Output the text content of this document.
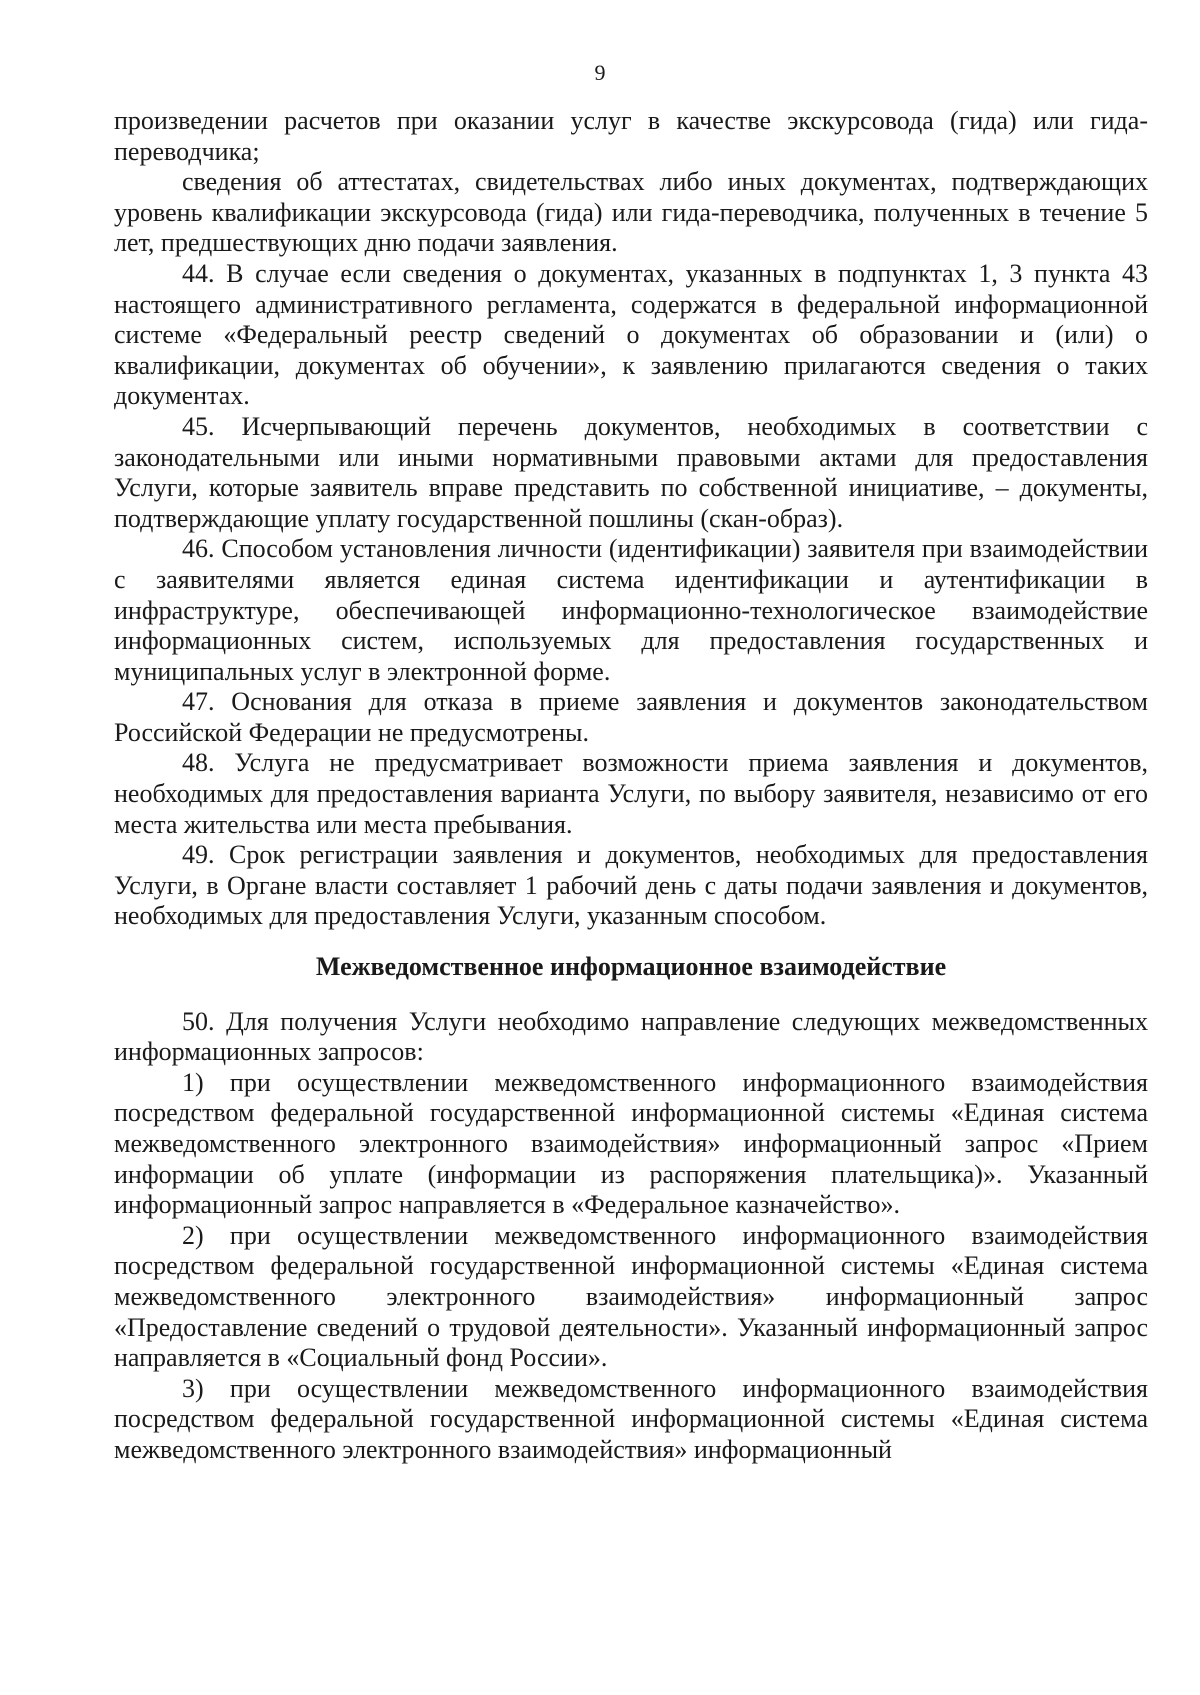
9

произведении расчетов при оказании услуг в качестве экскурсовода (гида) или гида-переводчика;

сведения об аттестатах, свидетельствах либо иных документах, подтверждающих уровень квалификации экскурсовода (гида) или гида-переводчика, полученных в течение 5 лет, предшествующих дню подачи заявления.

44. В случае если сведения о документах, указанных в подпунктах 1, 3 пункта 43 настоящего административного регламента, содержатся в федеральной информационной системе «Федеральный реестр сведений о документах об образовании и (или) о квалификации, документах об обучении», к заявлению прилагаются сведения о таких документах.

45. Исчерпывающий перечень документов, необходимых в соответствии с законодательными или иными нормативными правовыми актами для предоставления Услуги, которые заявитель вправе представить по собственной инициативе, – документы, подтверждающие уплату государственной пошлины (скан-образ).

46. Способом установления личности (идентификации) заявителя при взаимодействии с заявителями является единая система идентификации и аутентификации в инфраструктуре, обеспечивающей информационно-технологическое взаимодействие информационных систем, используемых для предоставления государственных и муниципальных услуг в электронной форме.

47. Основания для отказа в приеме заявления и документов законодательством Российской Федерации не предусмотрены.

48. Услуга не предусматривает возможности приема заявления и документов, необходимых для предоставления варианта Услуги, по выбору заявителя, независимо от его места жительства или места пребывания.

49. Срок регистрации заявления и документов, необходимых для предоставления Услуги, в Органе власти составляет 1 рабочий день с даты подачи заявления и документов, необходимых для предоставления Услуги, указанным способом.

Межведомственное информационное взаимодействие

50. Для получения Услуги необходимо направление следующих межведомственных информационных запросов:

1) при осуществлении межведомственного информационного взаимодействия посредством федеральной государственной информационной системы «Единая система межведомственного электронного взаимодействия» информационный запрос «Прием информации об уплате (информации из распоряжения плательщика)». Указанный информационный запрос направляется в «Федеральное казначейство».

2) при осуществлении межведомственного информационного взаимодействия посредством федеральной государственной информационной системы «Единая система межведомственного электронного взаимодействия» информационный запрос «Предоставление сведений о трудовой деятельности». Указанный информационный запрос направляется в «Социальный фонд России».

3) при осуществлении межведомственного информационного взаимодействия посредством федеральной государственной информационной системы «Единая система межведомственного электронного взаимодействия» информационный
